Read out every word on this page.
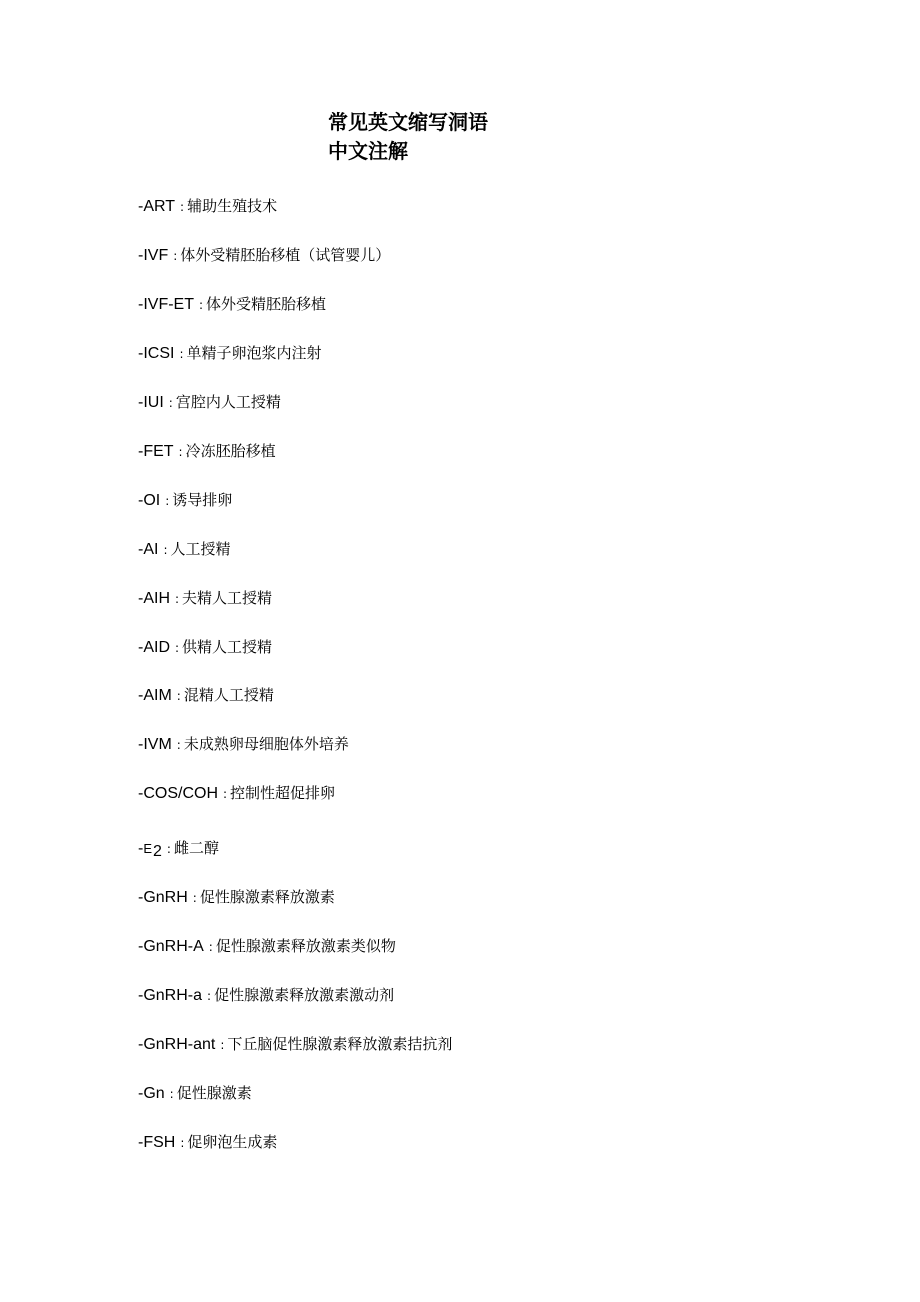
常见英文缩写洞语
中文注解
-ART : 辅助生殖技术
-IVF : 体外受精胚胎移植（试管婴儿）
-IVF-ET : 体外受精胚胎移植
-ICSI : 单精子卵泡浆内注射
-IUI : 宫腔内人工授精
-FET : 冷冻胚胎移植
-OI : 诱导排卵
-AI : 人工授精
-AIH : 夫精人工授精
-AID : 供精人工授精
-AIM : 混精人工授精
-IVM : 未成熟卵母细胞体外培养
-COS/COH : 控制性超促排卵
-E2 : 雌二醇
-GnRH : 促性腺激素释放激素
-GnRH-A : 促性腺激素释放激素类似物
-GnRH-a : 促性腺激素释放激素激动剂
-GnRH-ant : 下丘脑促性腺激素释放激素拮抗剂
-Gn : 促性腺激素
-FSH : 促卵泡生成素
